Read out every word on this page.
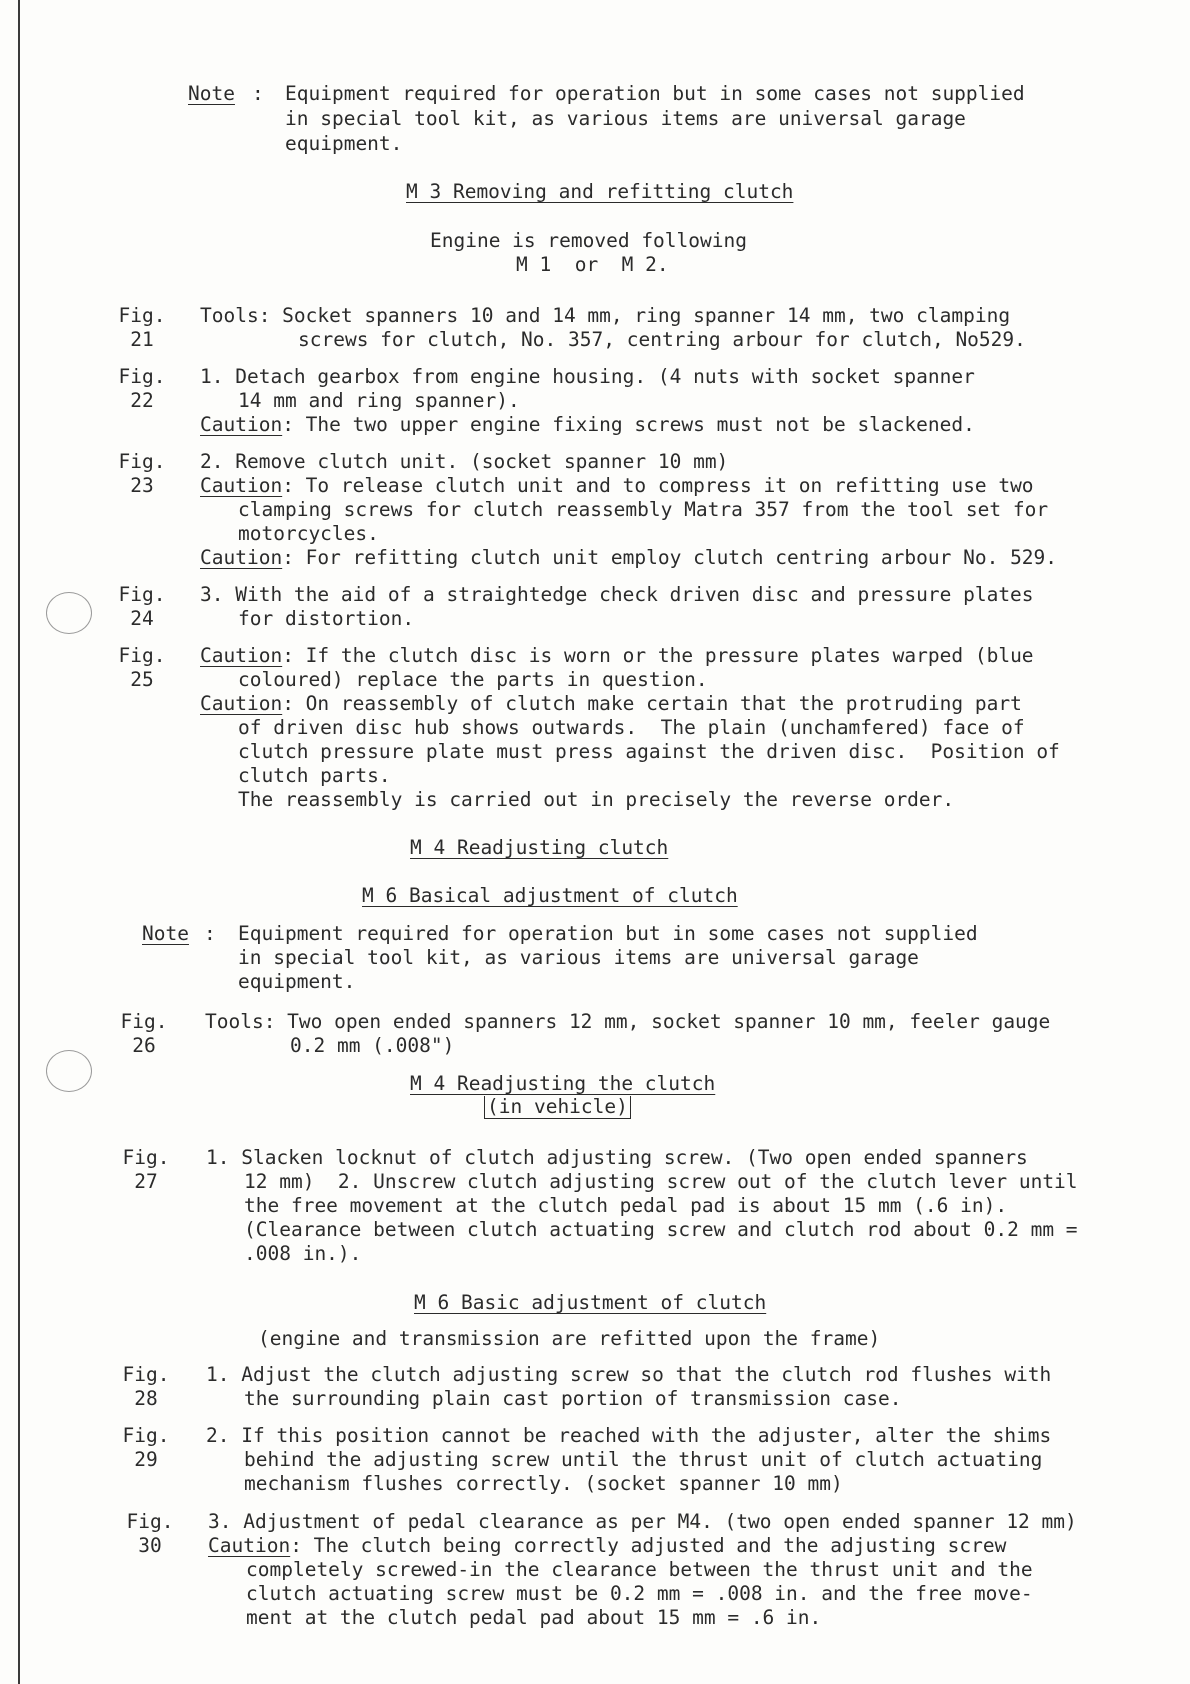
Note : Equipment required for operation but in some cases not supplied
in special tool kit, as various items are universal garage
equipment.
M 3 Removing and refitting clutch
Engine is removed following
M 1  or  M 2.
Fig.
21
Tools: Socket spanners 10 and 14 mm, ring spanner 14 mm, two clamping
screws for clutch, No. 357, centring arbour for clutch, No529.
Fig.
22
1. Detach gearbox from engine housing. (4 nuts with socket spanner
14 mm and ring spanner).
Caution: The two upper engine fixing screws must not be slackened.
Fig.
23
2. Remove clutch unit. (socket spanner 10 mm)
Caution: To release clutch unit and to compress it on refitting use two
clamping screws for clutch reassembly Matra 357 from the tool set for
motorcycles.
Caution: For refitting clutch unit employ clutch centring arbour No. 529.
Fig.
24
3. With the aid of a straightedge check driven disc and pressure plates
for distortion.
Fig.
25
Caution: If the clutch disc is worn or the pressure plates warped (blue
coloured) replace the parts in question.
Caution: On reassembly of clutch make certain that the protruding part
of driven disc hub shows outwards.  The plain (unchamfered) face of
clutch pressure plate must press against the driven disc.  Position of
clutch parts.
The reassembly is carried out in precisely the reverse order.
M 4 Readjusting clutch
M 6 Basical adjustment of clutch
Note : Equipment required for operation but in some cases not supplied
in special tool kit, as various items are universal garage
equipment.
Fig.
26
Tools: Two open ended spanners 12 mm, socket spanner 10 mm, feeler gauge
0.2 mm (.008")
M 4 Readjusting the clutch
(in vehicle)
Fig.
27
1. Slacken locknut of clutch adjusting screw. (Two open ended spanners
12 mm)  2. Unscrew clutch adjusting screw out of the clutch lever until
the free movement at the clutch pedal pad is about 15 mm (.6 in).
(Clearance between clutch actuating screw and clutch rod about 0.2 mm =
.008 in.).
M 6 Basic adjustment of clutch
(engine and transmission are refitted upon the frame)
Fig.
28
1. Adjust the clutch adjusting screw so that the clutch rod flushes with
the surrounding plain cast portion of transmission case.
Fig.
29
2. If this position cannot be reached with the adjuster, alter the shims
behind the adjusting screw until the thrust unit of clutch actuating
mechanism flushes correctly. (socket spanner 10 mm)
Fig.
30
3. Adjustment of pedal clearance as per M4. (two open ended spanner 12 mm)
Caution: The clutch being correctly adjusted and the adjusting screw
completely screwed-in the clearance between the thrust unit and the
clutch actuating screw must be 0.2 mm = .008 in. and the free move-
ment at the clutch pedal pad about 15 mm = .6 in.
